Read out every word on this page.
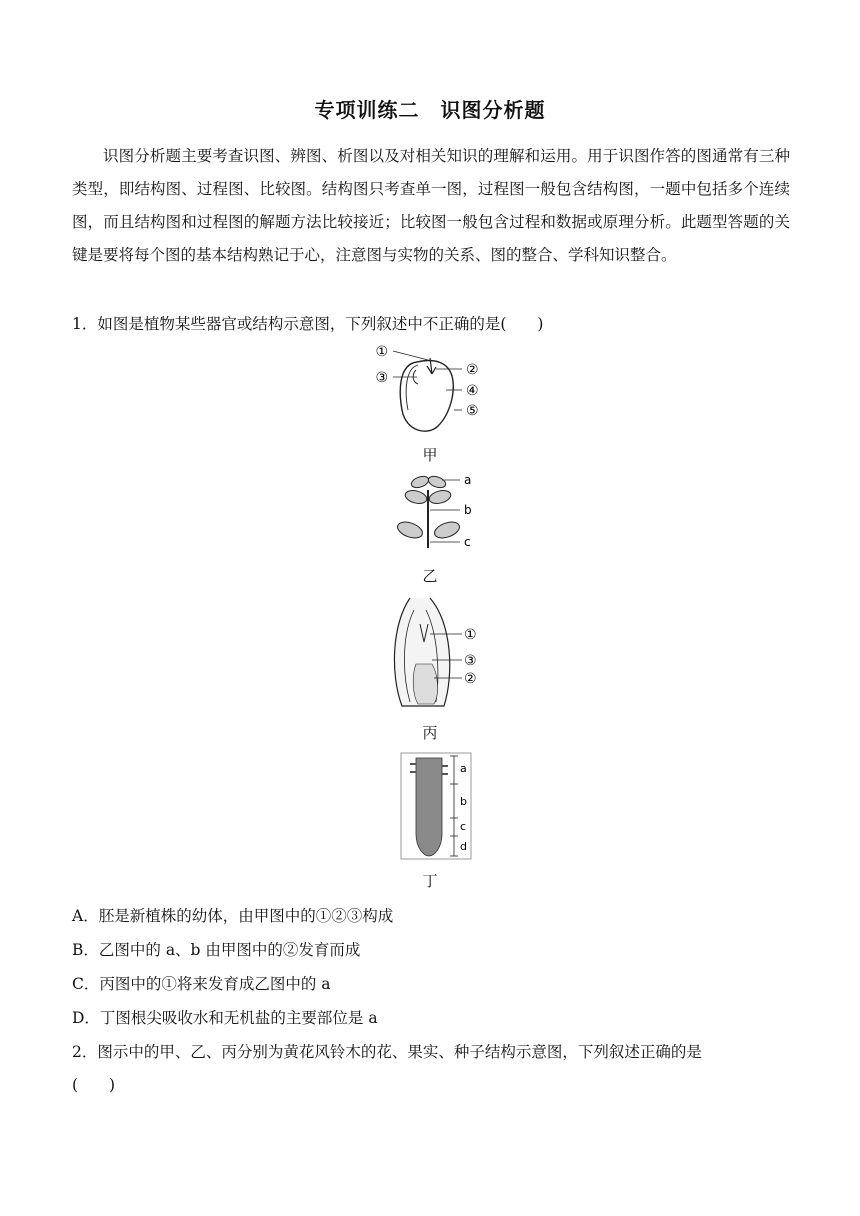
专项训练二　识图分析题

识图分析题主要考查识图、辨图、析图以及对相关知识的理解和运用。用于识图作答的图通常有三种类型，即结构图、过程图、比较图。结构图只考查单一图，过程图一般包含结构图，一题中包括多个连续图，而且结构图和过程图的解题方法比较接近；比较图一般包含过程和数据或原理分析。此题型答题的关键是要将每个图的基本结构熟记于心，注意图与实物的关系、图的整合、学科知识整合。

1．如图是植物某些器官或结构示意图，下列叙述中不正确的是(　　)
①
③	②
④
⑤
甲
a
b
c
乙
①
③
②
丙
a
b
c
d
丁
A．胚是新植株的幼体，由甲图中的①②③构成
B．乙图中的 a、b 由甲图中的②发育而成
C．丙图中的①将来发育成乙图中的 a
D．丁图根尖吸收水和无机盐的主要部位是 a
2．图示中的甲、乙、丙分别为黄花风铃木的花、果实、种子结构示意图，下列叙述正确的是
(　　)
